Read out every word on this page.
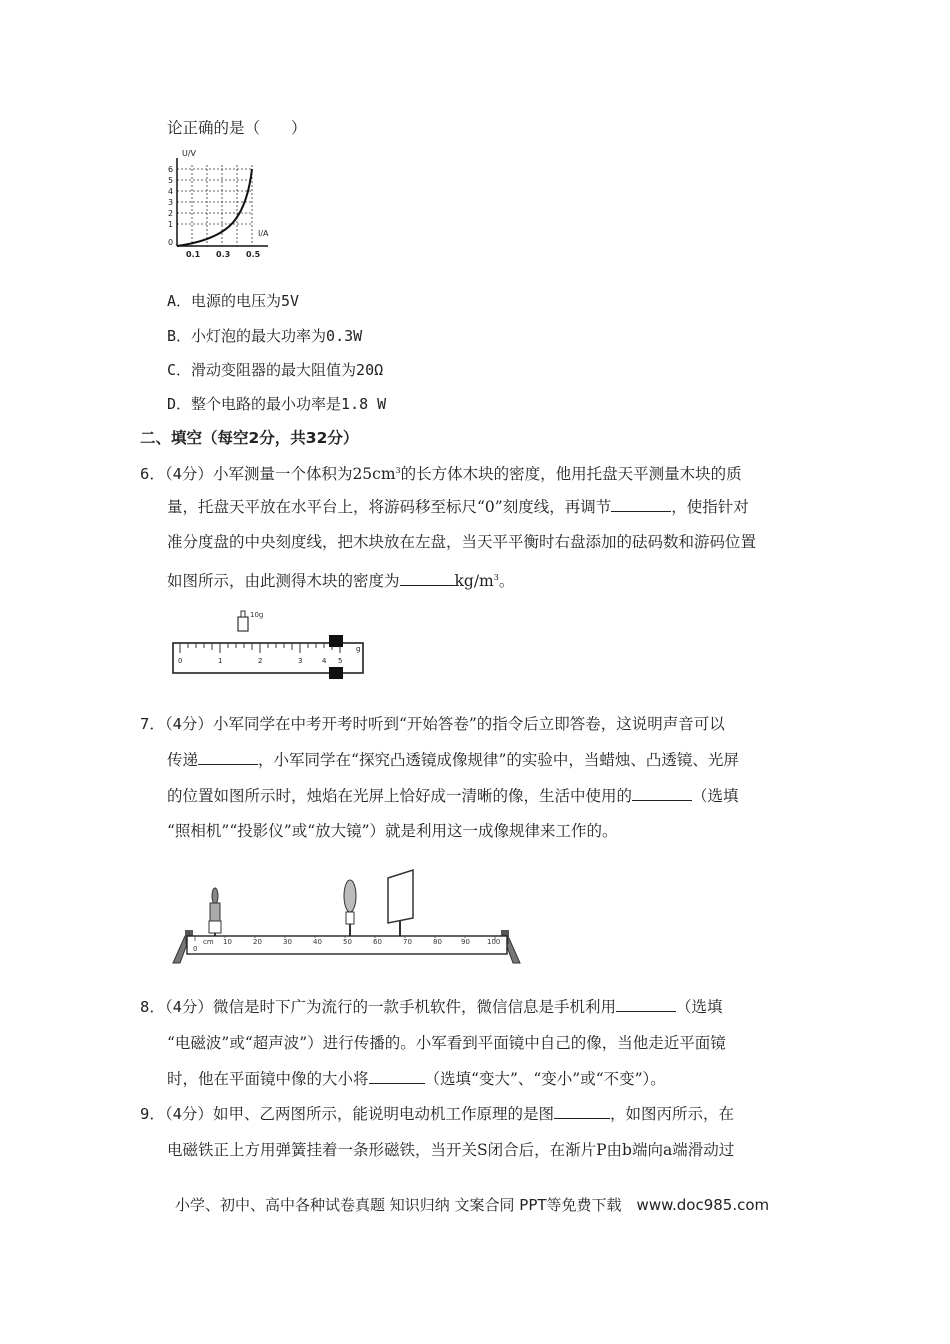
论正确的是（　　）
U/V
I/A
6
5
4
3
2
1
0
0.1 0.3 0.5
A．电源的电压为5V
B．小灯泡的最大功率为0.3W
C．滑动变阻器的最大阻值为20Ω
D．整个电路的最小功率是1.8 W
二、填空（每空2分，共32分）
6．（4分）小军测量一个体积为$25cm^3$的长方体木块的密度，他用托盘天平测量木块的质
量，托盘天平放在水平台上，将游码移至标尺“0”刻度线，再调节	，使指针对
准分度盘的中央刻度线，把木块放在左盘，当天平平衡时右盘添加的砝码数和游码位置
如图所示，由此测得木块的密度为	$kg/m^3$。
10g
0	1	2	3	4 5
g
7．（4分）小军同学在中考开考时听到“开始答卷”的指令后立即答卷，这说明声音可以
传递	，小军同学在“探究凸透镜成像规律”的实验中，当蜡烛、凸透镜、光屏
的位置如图所示时，烛焰在光屏上恰好成一清晰的像，生活中使用的	（选填
“照相机”“投影仪”或“放大镜”）就是利用这一成像规律来工作的。
cm
0
10	20	30	40	50	60	70	80	90 100
8．（4分）微信是时下广为流行的一款手机软件，微信信息是手机利用	（选填
“电磁波”或“超声波”）进行传播的。小军看到平面镜中自己的像，当他走近平面镜
时，他在平面镜中像的大小将	（选填“变大”、“变小”或“不变”）。
9．（4分）如甲、乙两图所示，能说明电动机工作原理的是图	，如图丙所示，在
电磁铁正上方用弹簧挂着一条形磁铁，当开关S闭合后，在渐片P由b端向a端滑动过
小学、初中、高中各种试卷真题 知识归纳 文案合同 PPT等免费下载　www.doc985.com
